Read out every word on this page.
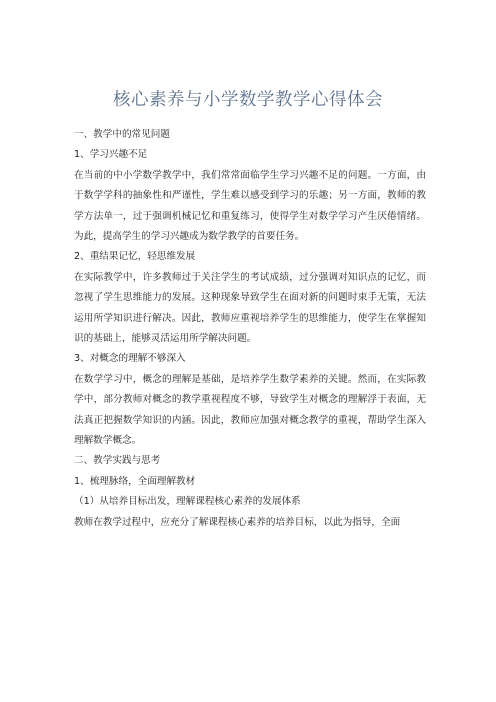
核心素养与小学数学教学心得体会
一、教学中的常见问题
1、学习兴趣不足

在当前的中小学数学教学中，我们常常面临学生学习兴趣不足的问题。一方面，由于数学学科的抽象性和严谨性，学生难以感受到学习的乐趣；另一方面，教师的教学方法单一，过于强调机械记忆和重复练习，使得学生对数学学习产生厌倦情绪。为此，提高学生的学习兴趣成为数学教学的首要任务。

2、重结果记忆，轻思维发展

在实际教学中，许多教师过于关注学生的考试成绩，过分强调对知识点的记忆，而忽视了学生思维能力的发展。这种现象导致学生在面对新的问题时束手无策，无法运用所学知识进行解决。因此，教师应重视培养学生的思维能力，使学生在掌握知识的基础上，能够灵活运用所学解决问题。

3、对概念的理解不够深入

在数学学习中，概念的理解是基础，是培养学生数学素养的关键。然而，在实际教学中，部分教师对概念的教学重视程度不够，导致学生对概念的理解浮于表面，无法真正把握数学知识的内涵。因此，教师应加强对概念教学的重视，帮助学生深入理解数学概念。

二、教学实践与思考
1、梳理脉络，全面理解教材
（1）从培养目标出发，理解课程核心素养的发展体系

教师在教学过程中，应充分了解课程核心素养的培养目标，以此为指导，全面
